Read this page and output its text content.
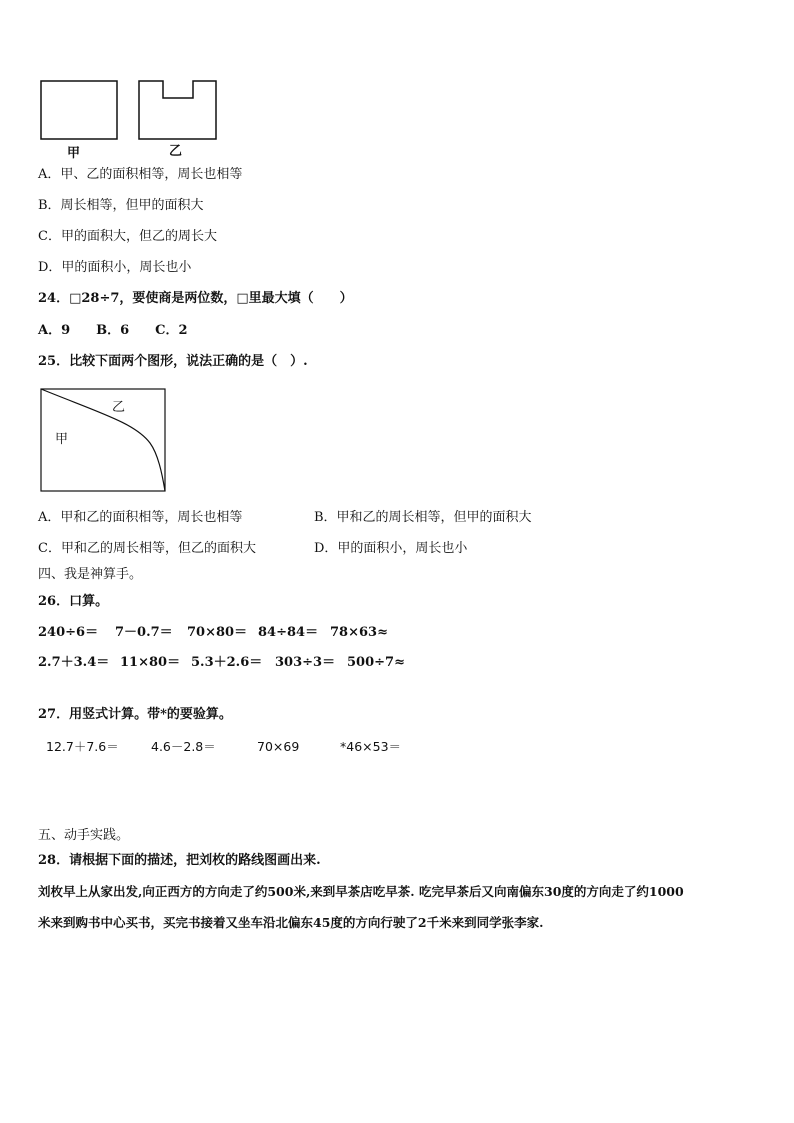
甲	乙
A．甲、乙的面积相等，周长也相等
B．周长相等，但甲的面积大
C．甲的面积大，但乙的周长大
D．甲的面积小，周长也小
24．□28÷7，要使商是两位数，□里最大填（　　）
A．9　　B．6　　C．2
25．比较下面两个图形，说法正确的是（　）.
乙
甲
A．甲和乙的面积相等，周长也相等	B．甲和乙的周长相等，但甲的面积大
C．甲和乙的周长相等，但乙的面积大	D．甲的面积小，周长也小
四、我是神算手。
26．口算。
240÷6＝ 7－0.7＝ 70×80＝ 84÷84＝ 78×63≈
2.7＋3.4＝ 11×80＝ 5.3＋2.6＝ 303÷3＝ 500÷7≈
27．用竖式计算。带*的要验算。
12.7＋7.6＝	4.6－2.8＝	70×69	*46×53＝
五、动手实践。
28．请根据下面的描述，把刘枚的路线图画出来.
刘枚早上从家出发,向正西方的方向走了约500米,来到早茶店吃早茶. 吃完早茶后又向南偏东30度的方向走了约1000
米来到购书中心买书，买完书接着又坐车沿北偏东45度的方向行驶了2千米来到同学张李家.
